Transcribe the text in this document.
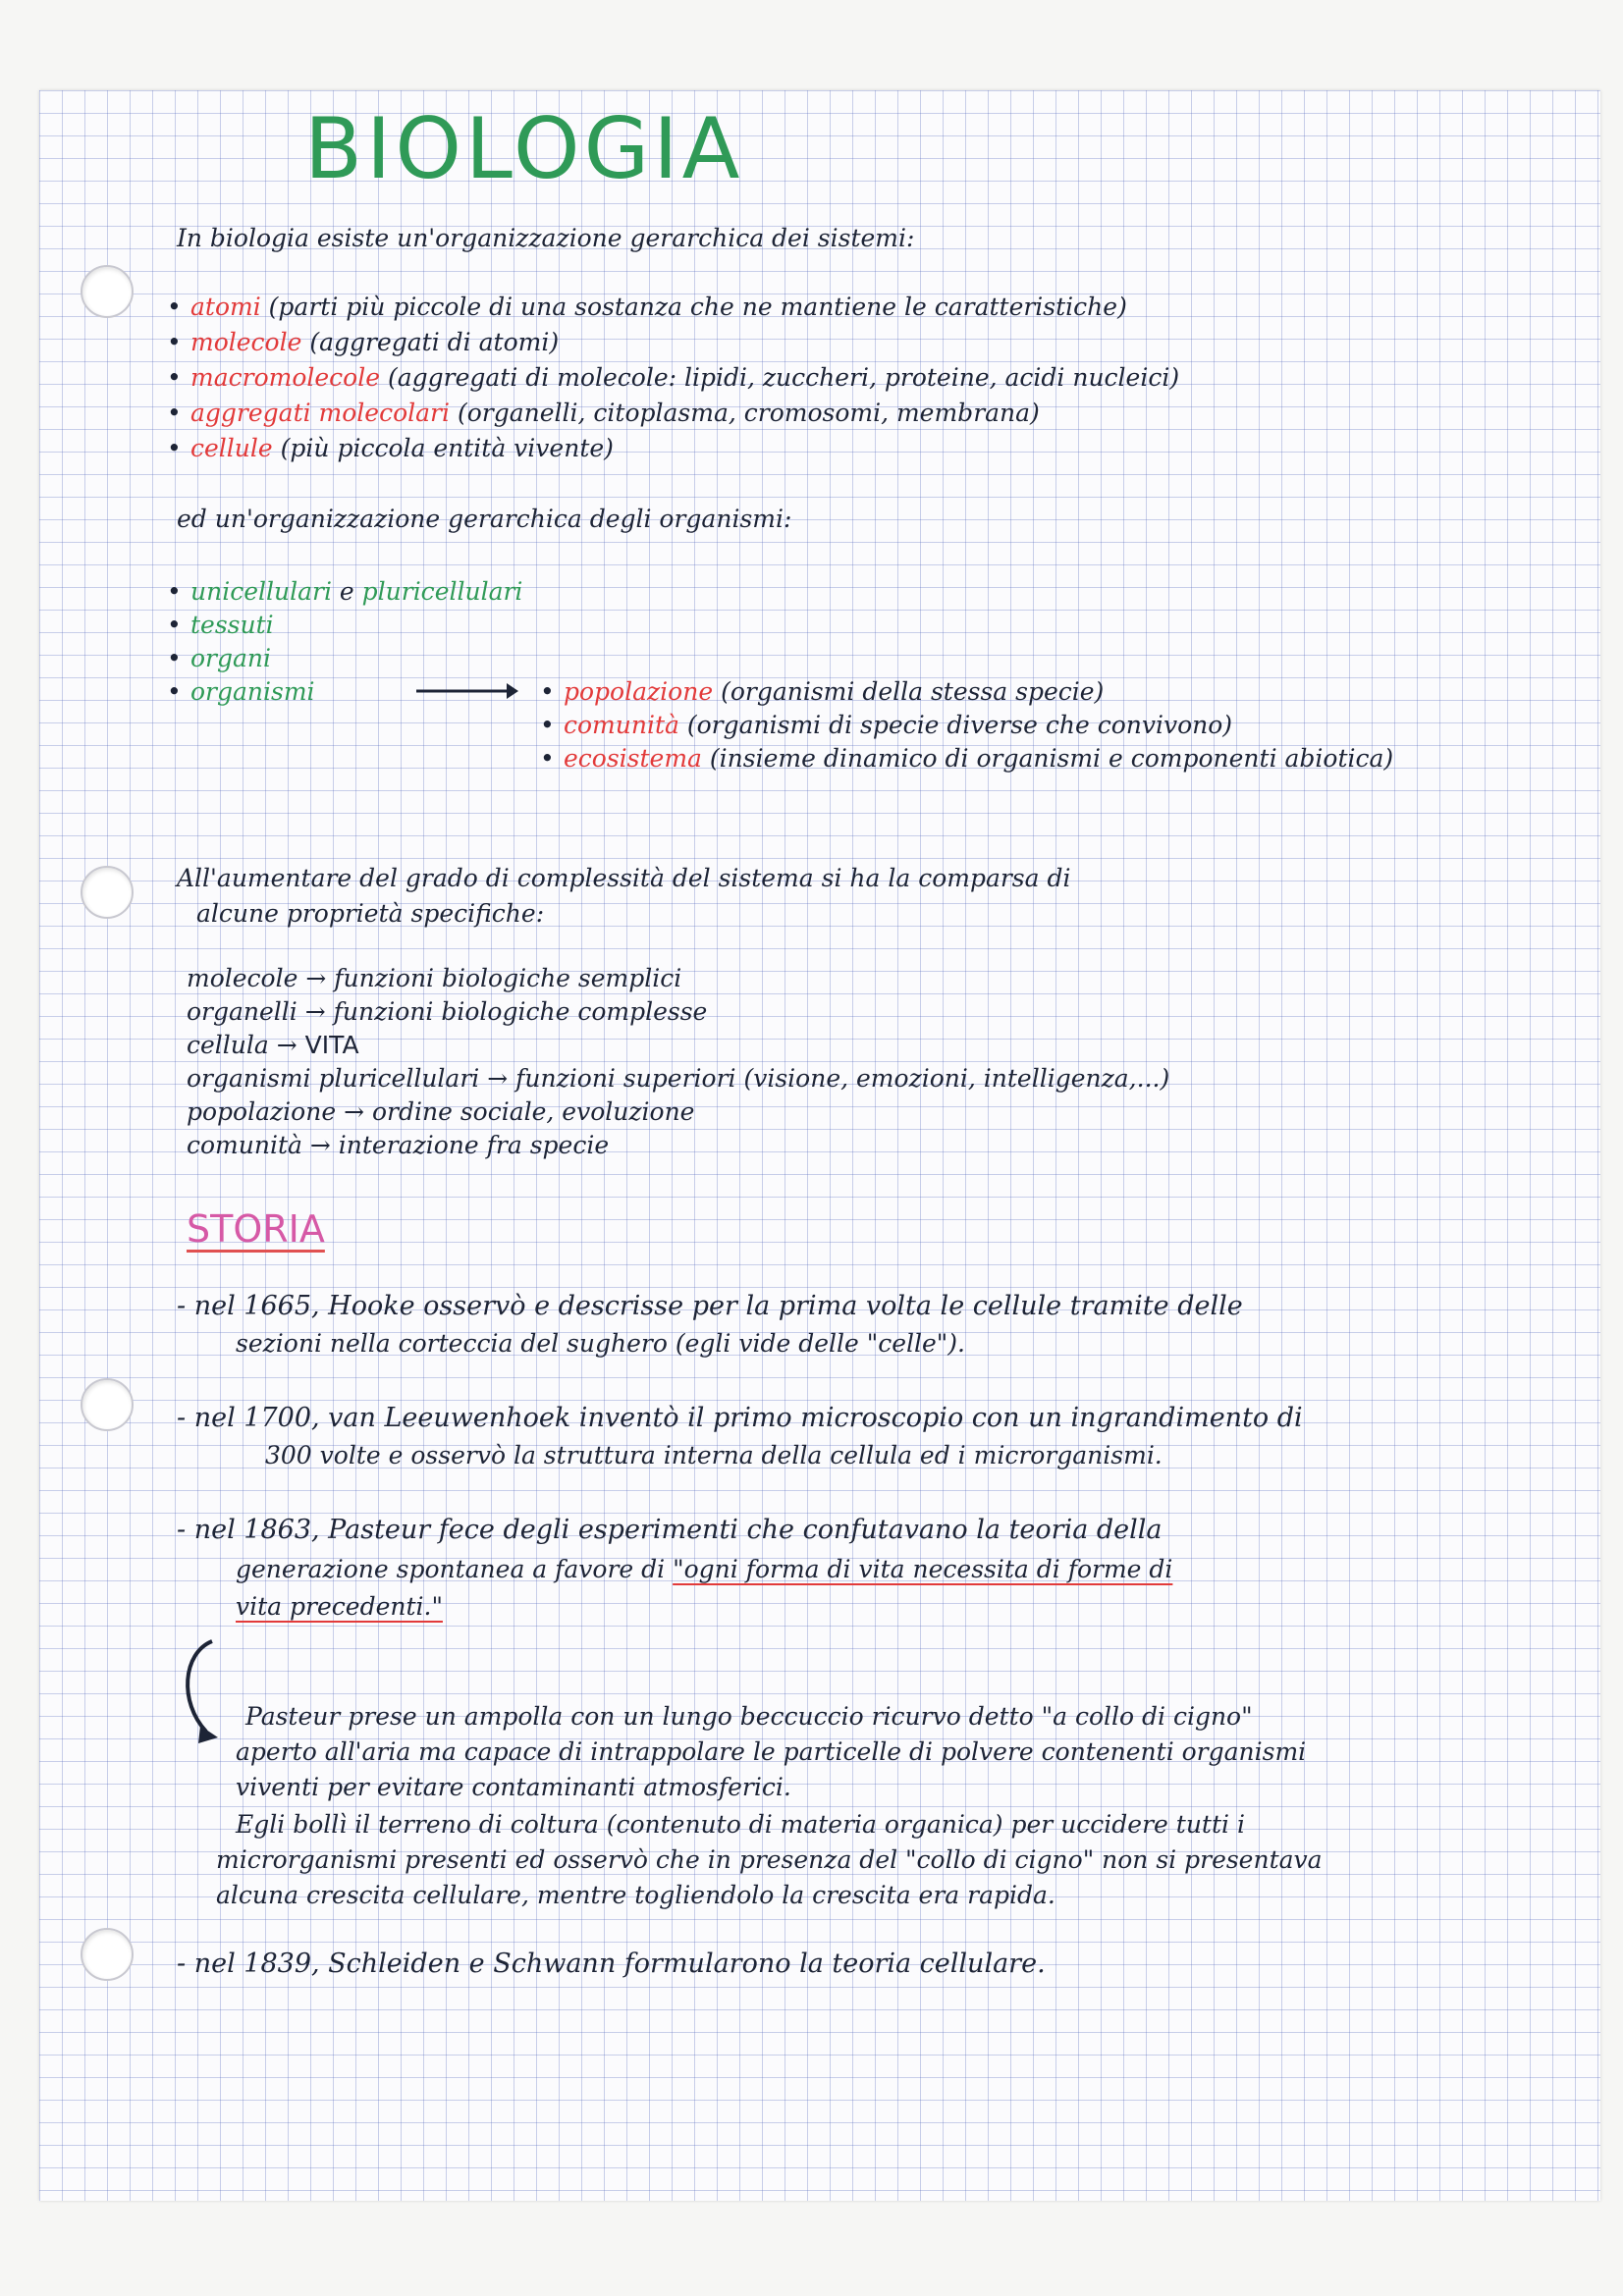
BIOLOGIA
In biologia esiste un'organizzazione gerarchica dei sistemi:
• atomi (parti più piccole di una sostanza che ne mantiene le caratteristiche)
• molecole (aggregati di atomi)
• macromolecole (aggregati di molecole: lipidi, zuccheri, proteine, acidi nucleici)
• aggregati molecolari (organelli, citoplasma, cromosomi, membrana)
• cellule (più piccola entità vivente)
ed un'organizzazione gerarchica degli organismi:
• unicellulari e pluricellulari
• tessuti
• organi
• organismi	• popolazione (organismi della stessa specie)
• comunità (organismi di specie diverse che convivono)
• ecosistema (insieme dinamico di organismi e componenti abiotica)
All'aumentare del grado di complessità del sistema si ha la comparsa di
alcune proprietà specifiche:
molecole → funzioni biologiche semplici
organelli → funzioni biologiche complesse
cellula → VITA
organismi pluricellulari → funzioni superiori (visione, emozioni, intelligenza,...)
popolazione → ordine sociale, evoluzione
comunità → interazione fra specie
STORIA
- nel 1665, Hooke osservò e descrisse per la prima volta le cellule tramite delle
sezioni nella corteccia del sughero (egli vide delle "celle").
- nel 1700, van Leeuwenhoek inventò il primo microscopio con un ingrandimento di
300 volte e osservò la struttura interna della cellula ed i microrganismi.
- nel 1863, Pasteur fece degli esperimenti che confutavano la teoria della
generazione spontanea a favore di "ogni forma di vita necessita di forme di
vita precedenti."
Pasteur prese un ampolla con un lungo beccuccio ricurvo detto "a collo di cigno"
aperto all'aria ma capace di intrappolare le particelle di polvere contenenti organismi
viventi per evitare contaminanti atmosferici.
Egli bollì il terreno di coltura (contenuto di materia organica) per uccidere tutti i
microrganismi presenti ed osservò che in presenza del "collo di cigno" non si presentava
alcuna crescita cellulare, mentre togliendolo la crescita era rapida.
- nel 1839, Schleiden e Schwann formularono la teoria cellulare.
